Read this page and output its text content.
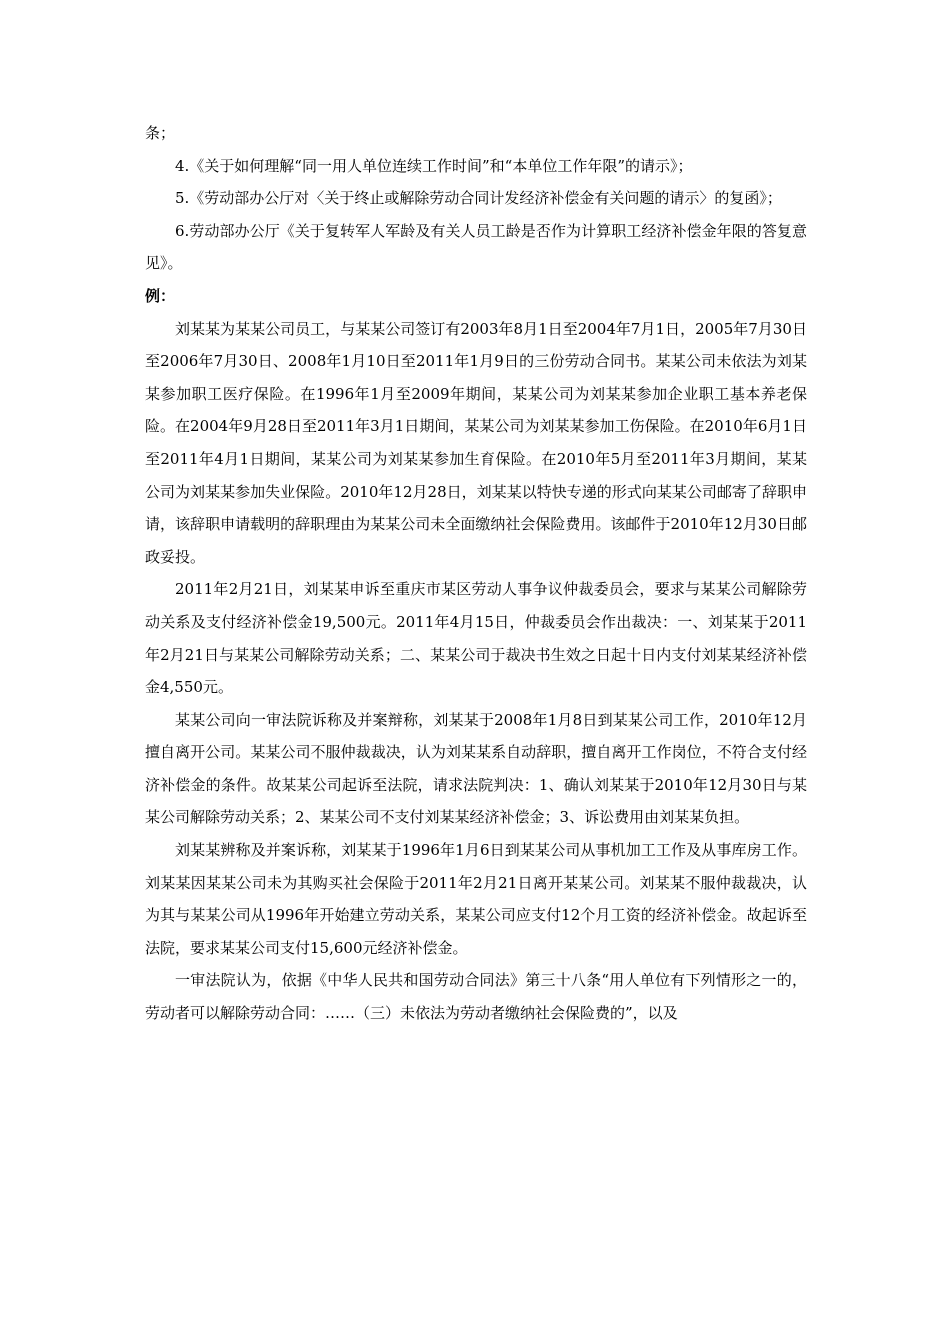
条；

4.《关于如何理解“同一用人单位连续工作时间”和“本单位工作年限”的请示》；

5.《劳动部办公厅对〈关于终止或解除劳动合同计发经济补偿金有关问题的请示〉的复函》；

6.劳动部办公厅《关于复转军人军龄及有关人员工龄是否作为计算职工经济补偿金年限的答复意见》。

例：

刘某某为某某公司员工，与某某公司签订有2003年8月1日至2004年7月1日，2005年7月30日至2006年7月30日、2008年1月10日至2011年1月9日的三份劳动合同书。某某公司未依法为刘某某参加职工医疗保险。在1996年1月至2009年期间，某某公司为刘某某参加企业职工基本养老保险。在2004年9月28日至2011年3月1日期间，某某公司为刘某某参加工伤保险。在2010年6月1日至2011年4月1日期间，某某公司为刘某某参加生育保险。在2010年5月至2011年3月期间，某某公司为刘某某参加失业保险。2010年12月28日，刘某某以特快专递的形式向某某公司邮寄了辞职申请，该辞职申请载明的辞职理由为某某公司未全面缴纳社会保险费用。该邮件于2010年12月30日邮政妥投。

2011年2月21日，刘某某申诉至重庆市某区劳动人事争议仲裁委员会，要求与某某公司解除劳动关系及支付经济补偿金19,500元。2011年4月15日，仲裁委员会作出裁决：一、刘某某于2011年2月21日与某某公司解除劳动关系；二、某某公司于裁决书生效之日起十日内支付刘某某经济补偿金4,550元。

某某公司向一审法院诉称及并案辩称，刘某某于2008年1月8日到某某公司工作，2010年12月擅自离开公司。某某公司不服仲裁裁决，认为刘某某系自动辞职，擅自离开工作岗位，不符合支付经济补偿金的条件。故某某公司起诉至法院，请求法院判决：1、确认刘某某于2010年12月30日与某某公司解除劳动关系；2、某某公司不支付刘某某经济补偿金；3、诉讼费用由刘某某负担。

刘某某辨称及并案诉称，刘某某于1996年1月6日到某某公司从事机加工工作及从事库房工作。刘某某因某某公司未为其购买社会保险于2011年2月21日离开某某公司。刘某某不服仲裁裁决，认为其与某某公司从1996年开始建立劳动关系，某某公司应支付12个月工资的经济补偿金。故起诉至法院，要求某某公司支付15,600元经济补偿金。

一审法院认为，依据《中华人民共和国劳动合同法》第三十八条“用人单位有下列情形之一的，劳动者可以解除劳动合同：……（三）未依法为劳动者缴纳社会保险费的”，以及
